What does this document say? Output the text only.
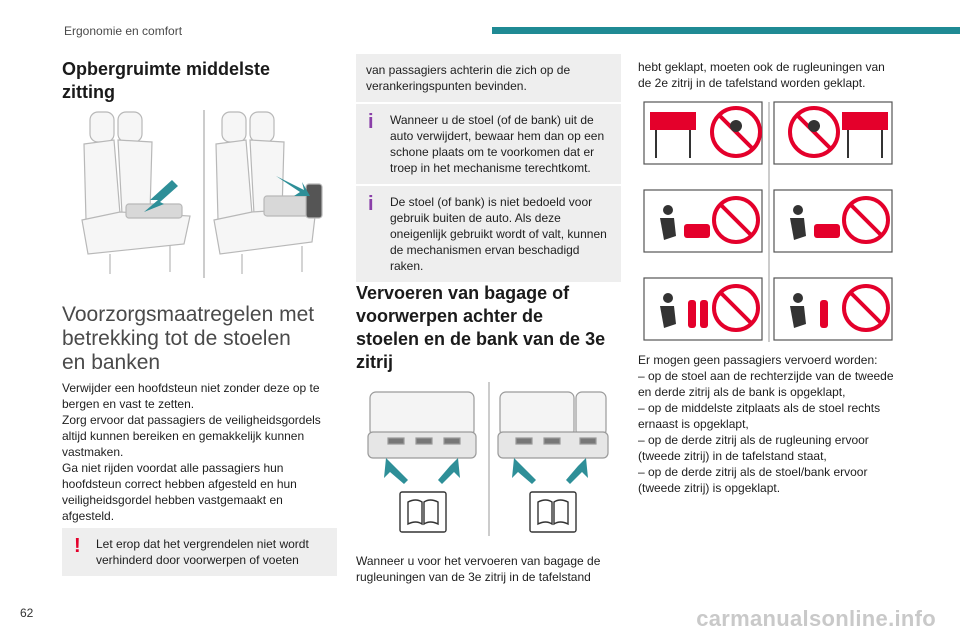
Ergonomie en comfort
Opbergruimte middelste zitting
Voorzorgsmaatregelen met betrekking tot de stoelen en banken

Verwijder een hoofdsteun niet zonder deze op te bergen en vast te zetten.

Zorg ervoor dat passagiers de veiligheidsgordels altijd kunnen bereiken en gemakkelijk kunnen vastmaken.

Ga niet rijden voordat alle passagiers hun hoofdsteun correct hebben afgesteld en hun veiligheidsgordel hebben vastgemaakt en afgesteld.

! Let erop dat het vergrendelen niet wordt verhinderd door voorwerpen of voeten
van passagiers achterin die zich op de verankeringspunten bevinden.
i Wanneer u de stoel (of de bank) uit de auto verwijdert, bewaar hem dan op een schone plaats om te voorkomen dat er troep in het mechanisme terechtkomt.
i De stoel (of bank) is niet bedoeld voor gebruik buiten de auto. Als deze oneigenlijk gebruikt wordt of valt, kunnen de mechanismen ervan beschadigd raken.
Vervoeren van bagage of voorwerpen achter de stoelen en de bank van de 3e zitrij

Wanneer u voor het vervoeren van bagage de rugleuningen van de 3e zitrij in de tafelstand

hebt geklapt, moeten ook de rugleuningen van de 2e zitrij in de tafelstand worden geklapt.

Er mogen geen passagiers vervoerd worden:

– op de stoel aan de rechterzijde van de tweede en derde zitrij als de bank is opgeklapt,

– op de middelste zitplaats als de stoel rechts ernaast is opgeklapt,

– op de derde zitrij als de rugleuning ervoor (tweede zitrij) in de tafelstand staat,

– op de derde zitrij als de stoel/bank ervoor (tweede zitrij) is opgeklapt.

62	carmanualsonline.info
